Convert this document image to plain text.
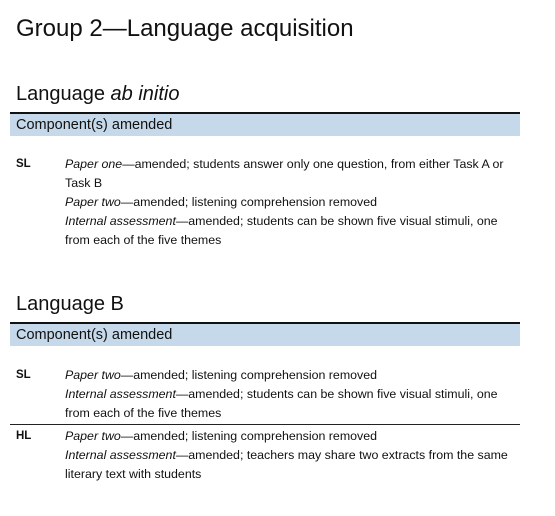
Group 2—Language acquisition
Language ab initio
Component(s) amended
SL	Paper one—amended; students answer only one question, from either Task A or Task B

Paper two—amended; listening comprehension removed

Internal assessment—amended; students can be shown five visual stimuli, one from each of the five themes

Language B
Component(s) amended
SL	Paper two—amended; listening comprehension removed

Internal assessment—amended; students can be shown five visual stimuli, one from each of the five themes

HL	Paper two—amended; listening comprehension removed

Internal assessment—amended; teachers may share two extracts from the same literary text with students
